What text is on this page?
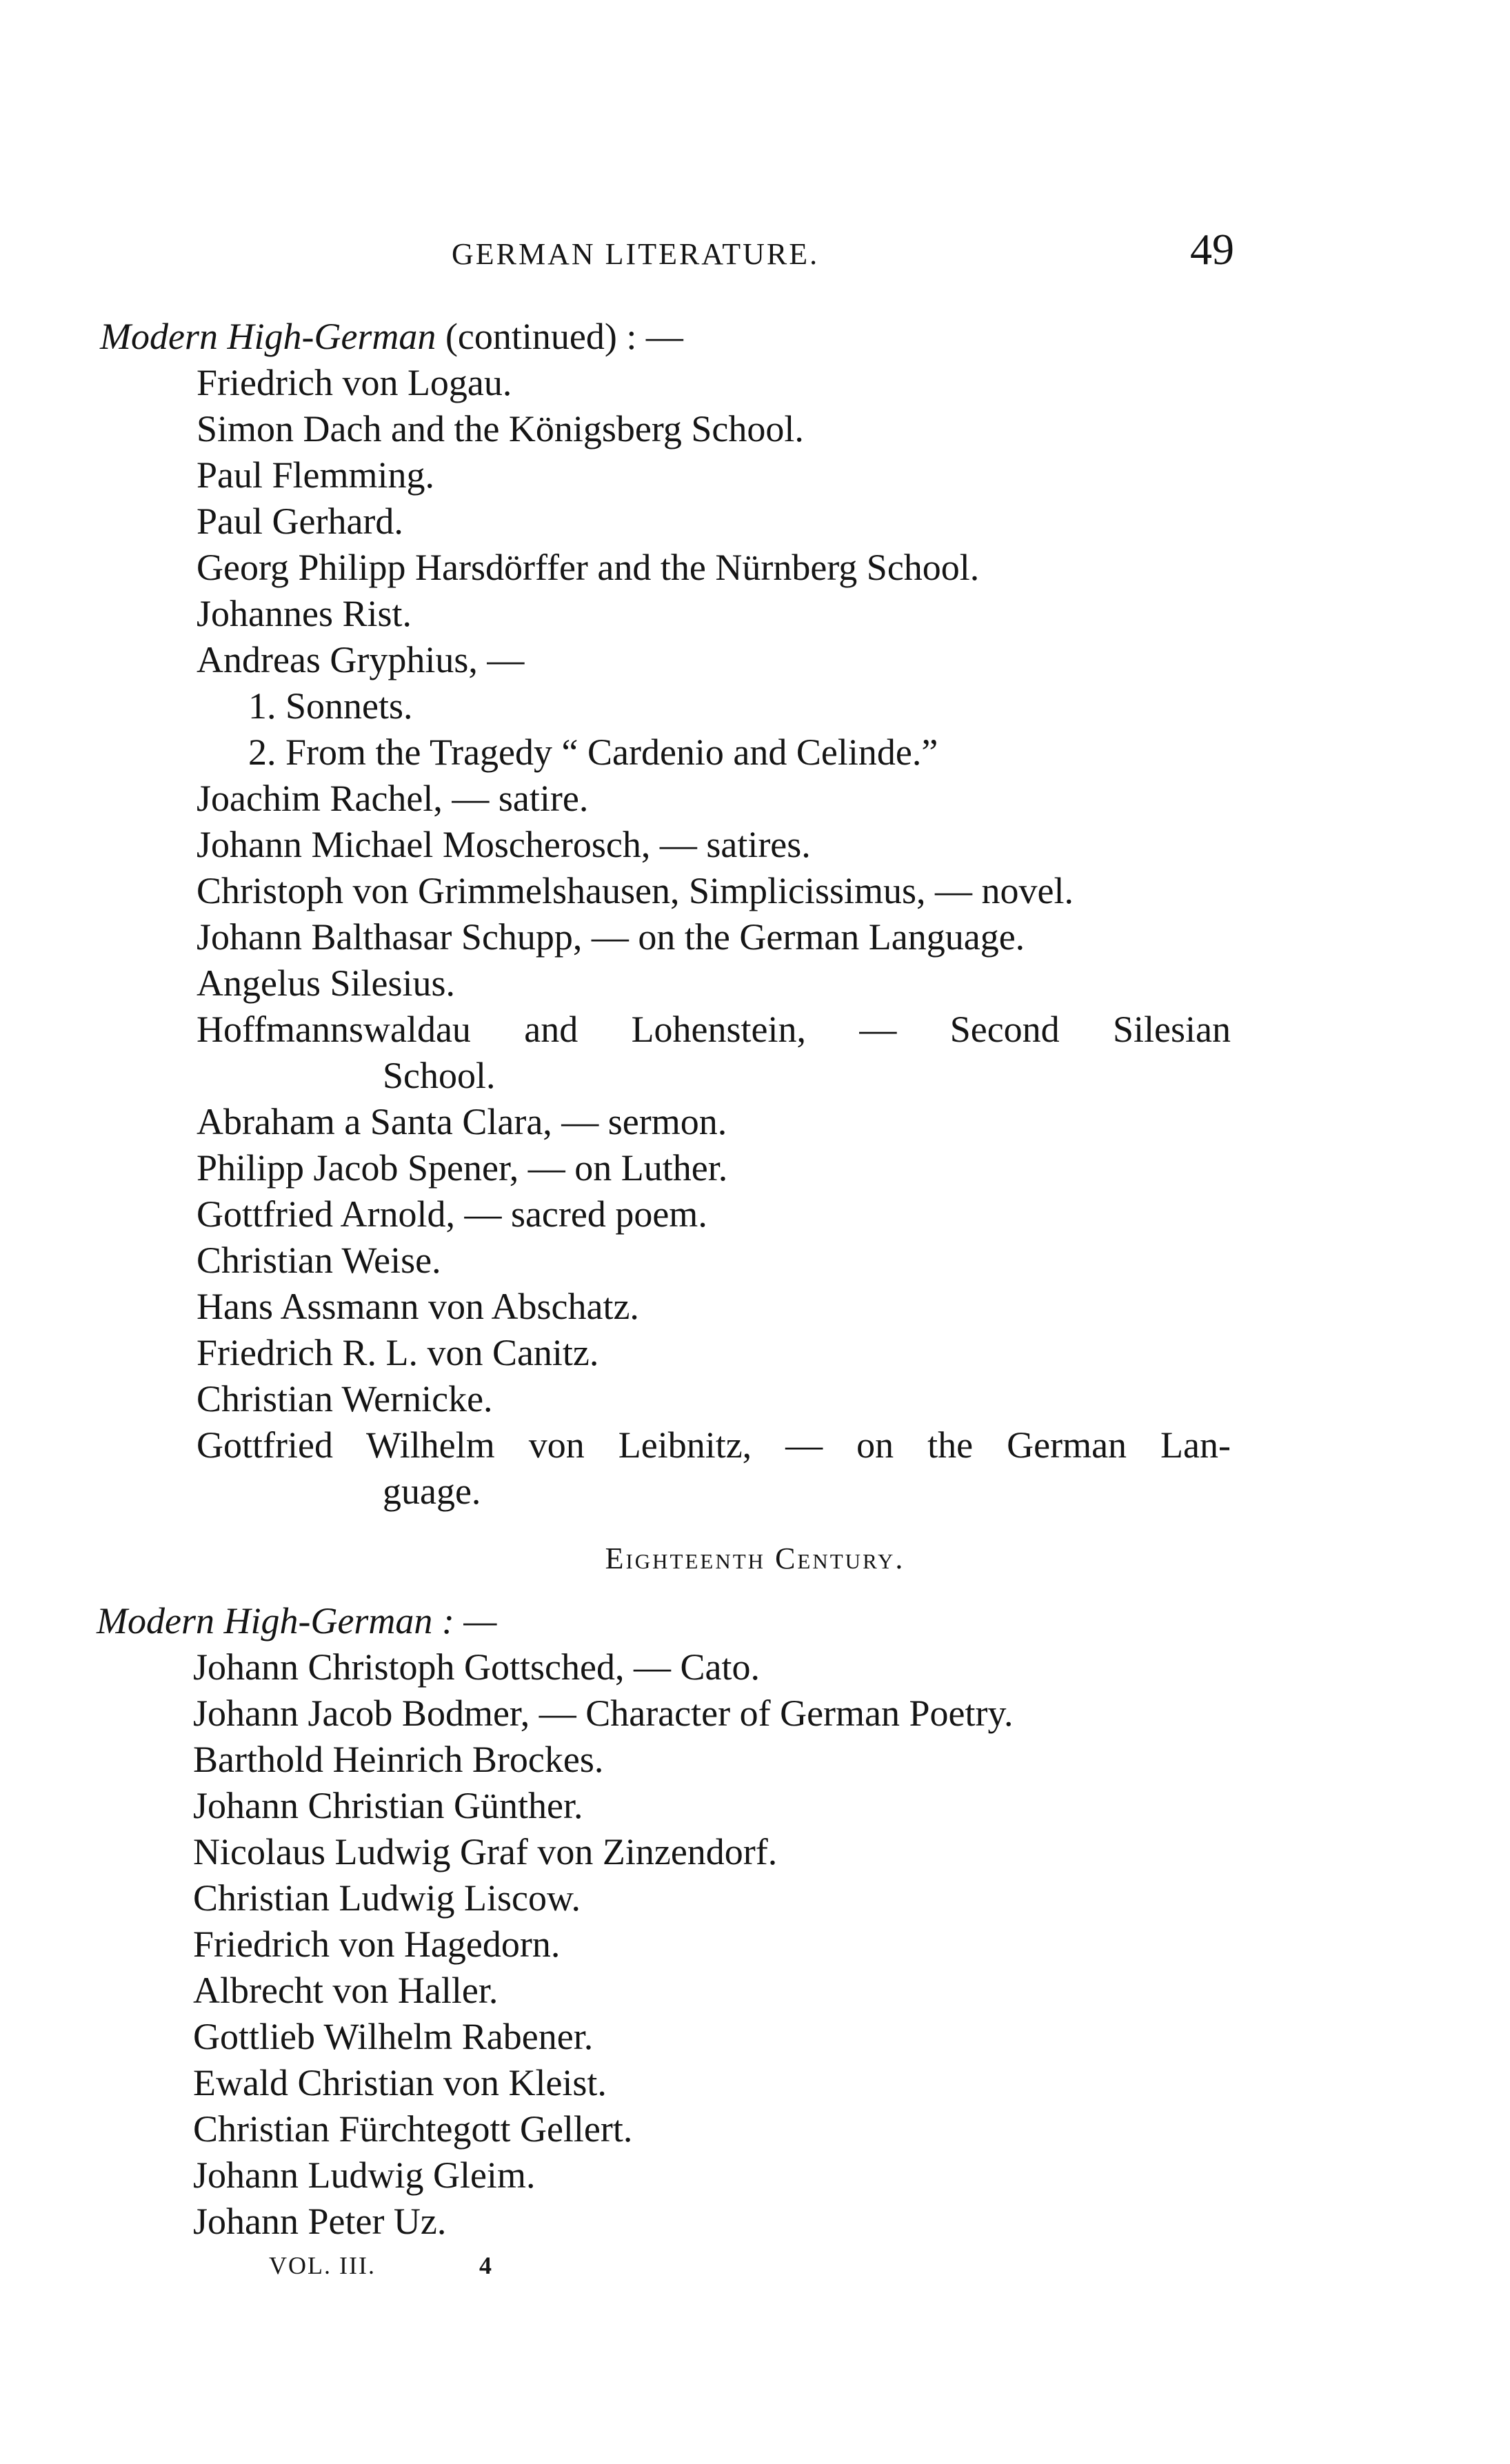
GERMAN LITERATURE.	49
Modern High-German (continued) : —
Friedrich von Logau.
Simon Dach and the Königsberg School.
Paul Flemming.
Paul Gerhard.
Georg Philipp Harsdörffer and the Nürnberg School.
Johannes Rist.
Andreas Gryphius, —
1. Sonnets.
2. From the Tragedy “ Cardenio and Celinde.”
Joachim Rachel, — satire.
Johann Michael Moscherosch, — satires.
Christoph von Grimmelshausen, Simplicissimus, — novel.
Johann Balthasar Schupp, — on the German Language.
Angelus Silesius.
Hoffmannswaldau and Lohenstein, — Second Silesian
School.
Abraham a Santa Clara, — sermon.
Philipp Jacob Spener, — on Luther.
Gottfried Arnold, — sacred poem.
Christian Weise.
Hans Assmann von Abschatz.
Friedrich R. L. von Canitz.
Christian Wernicke.
Gottfried Wilhelm von Leibnitz, — on the German Lan-
guage.
Eighteenth Century.
Modern High-German : —
Johann Christoph Gottsched, — Cato.
Johann Jacob Bodmer, — Character of German Poetry.
Barthold Heinrich Brockes.
Johann Christian Günther.
Nicolaus Ludwig Graf von Zinzendorf.
Christian Ludwig Liscow.
Friedrich von Hagedorn.
Albrecht von Haller.
Gottlieb Wilhelm Rabener.
Ewald Christian von Kleist.
Christian Fürchtegott Gellert.
Johann Ludwig Gleim.
Johann Peter Uz.
VOL. III.	4
